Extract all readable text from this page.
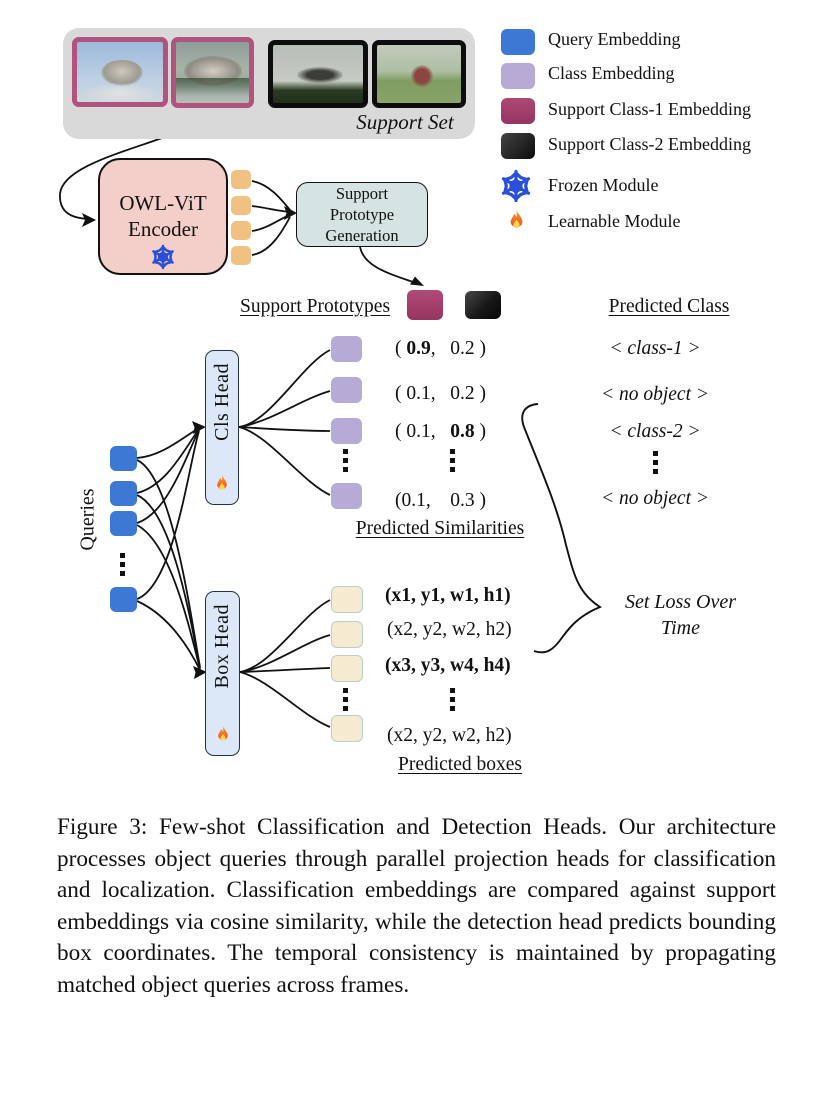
Support Set
Query Embedding
Class Embedding
Support Class-1 Embedding
Support Class-2 Embedding
Frozen Module
Learnable Module
OWL-ViT
Encoder
Support Prototype Generation
Support Prototypes	Predicted Class
Queries
Cls Head
Box Head
( 0.9,   0.2 )
( 0.1,   0.2 )
( 0.1,   0.8 )
(0.1,    0.3 )
Predicted Similarities
< class-1 >
< no object >
< class-2 >
< no object >
(x1, y1, w1, h1)
(x2, y2, w2, h2)
(x3, y3, w4, h4)
(x2, y2, w2, h2)
Predicted boxes
Set Loss Over Time

Figure 3: Few-shot Classification and Detection Heads. Our architecture processes object queries through parallel projection heads for classification and localization. Classification embeddings are compared against support embeddings via cosine similarity, while the detection head predicts bounding box coordinates. The temporal consistency is maintained by propagating matched object queries across frames.
